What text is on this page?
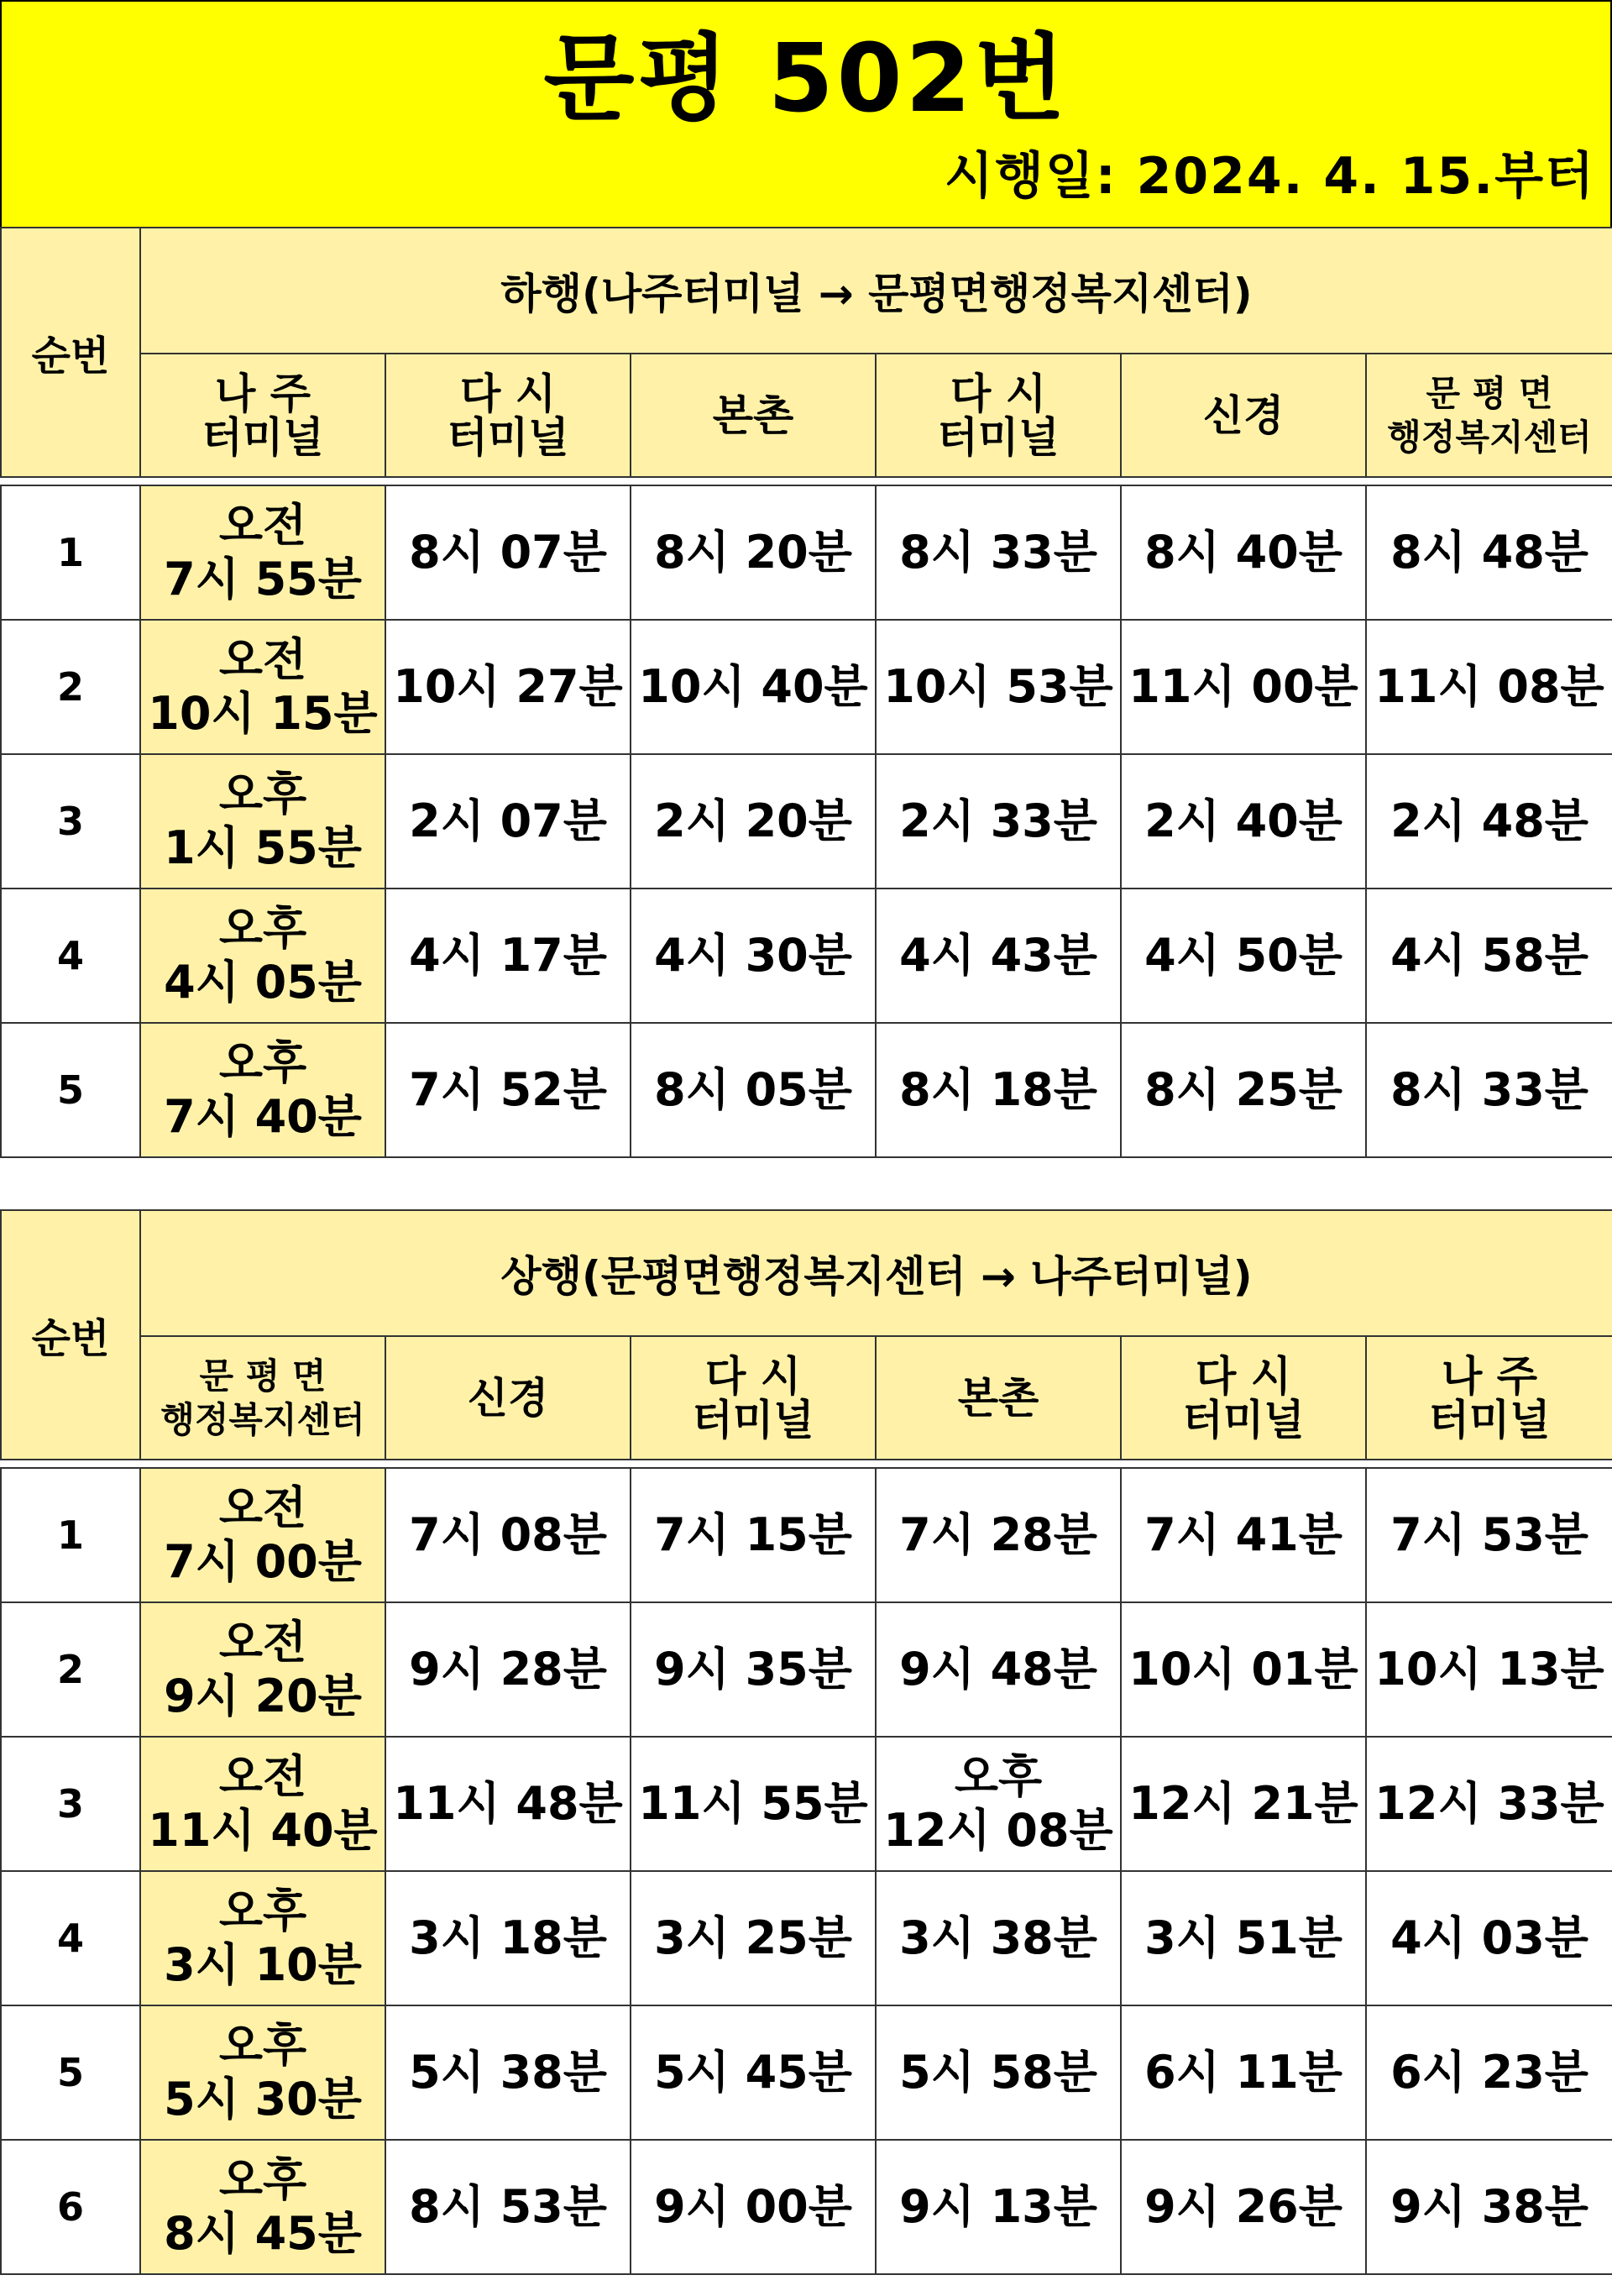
문평 502번
시행일: 2024. 4. 15.부터
순번	하행(나주터미널 → 문평면행정복지센터)					

	나 주
터미널	다 시
터미널	본촌	다 시
터미널	신경	문 평 면
행정복지센터

1	오전
7시 55분	8시 07분	8시 20분	8시 33분	8시 40분	8시 48분
2	오전
10시 15분	10시 27분	10시 40분	10시 53분	11시 00분	11시 08분
3	오후
1시 55분	2시 07분	2시 20분	2시 33분	2시 40분	2시 48분
4	오후
4시 05분	4시 17분	4시 30분	4시 43분	4시 50분	4시 58분
5	오후
7시 40분	7시 52분	8시 05분	8시 18분	8시 25분	8시 33분
순번	상행(문평면행정복지센터 → 나주터미널)					

	문 평 면
행정복지센터	신경	다 시
터미널	본촌	다 시
터미널	나 주
터미널

1	오전
7시 00분	7시 08분	7시 15분	7시 28분	7시 41분	7시 53분
2	오전
9시 20분	9시 28분	9시 35분	9시 48분	10시 01분	10시 13분
3	오전
11시 40분	11시 48분	11시 55분	오후
12시 08분	12시 21분	12시 33분
4	오후
3시 10분	3시 18분	3시 25분	3시 38분	3시 51분	4시 03분
5	오후
5시 30분	5시 38분	5시 45분	5시 58분	6시 11분	6시 23분
6	오후
8시 45분	8시 53분	9시 00분	9시 13분	9시 26분	9시 38분
